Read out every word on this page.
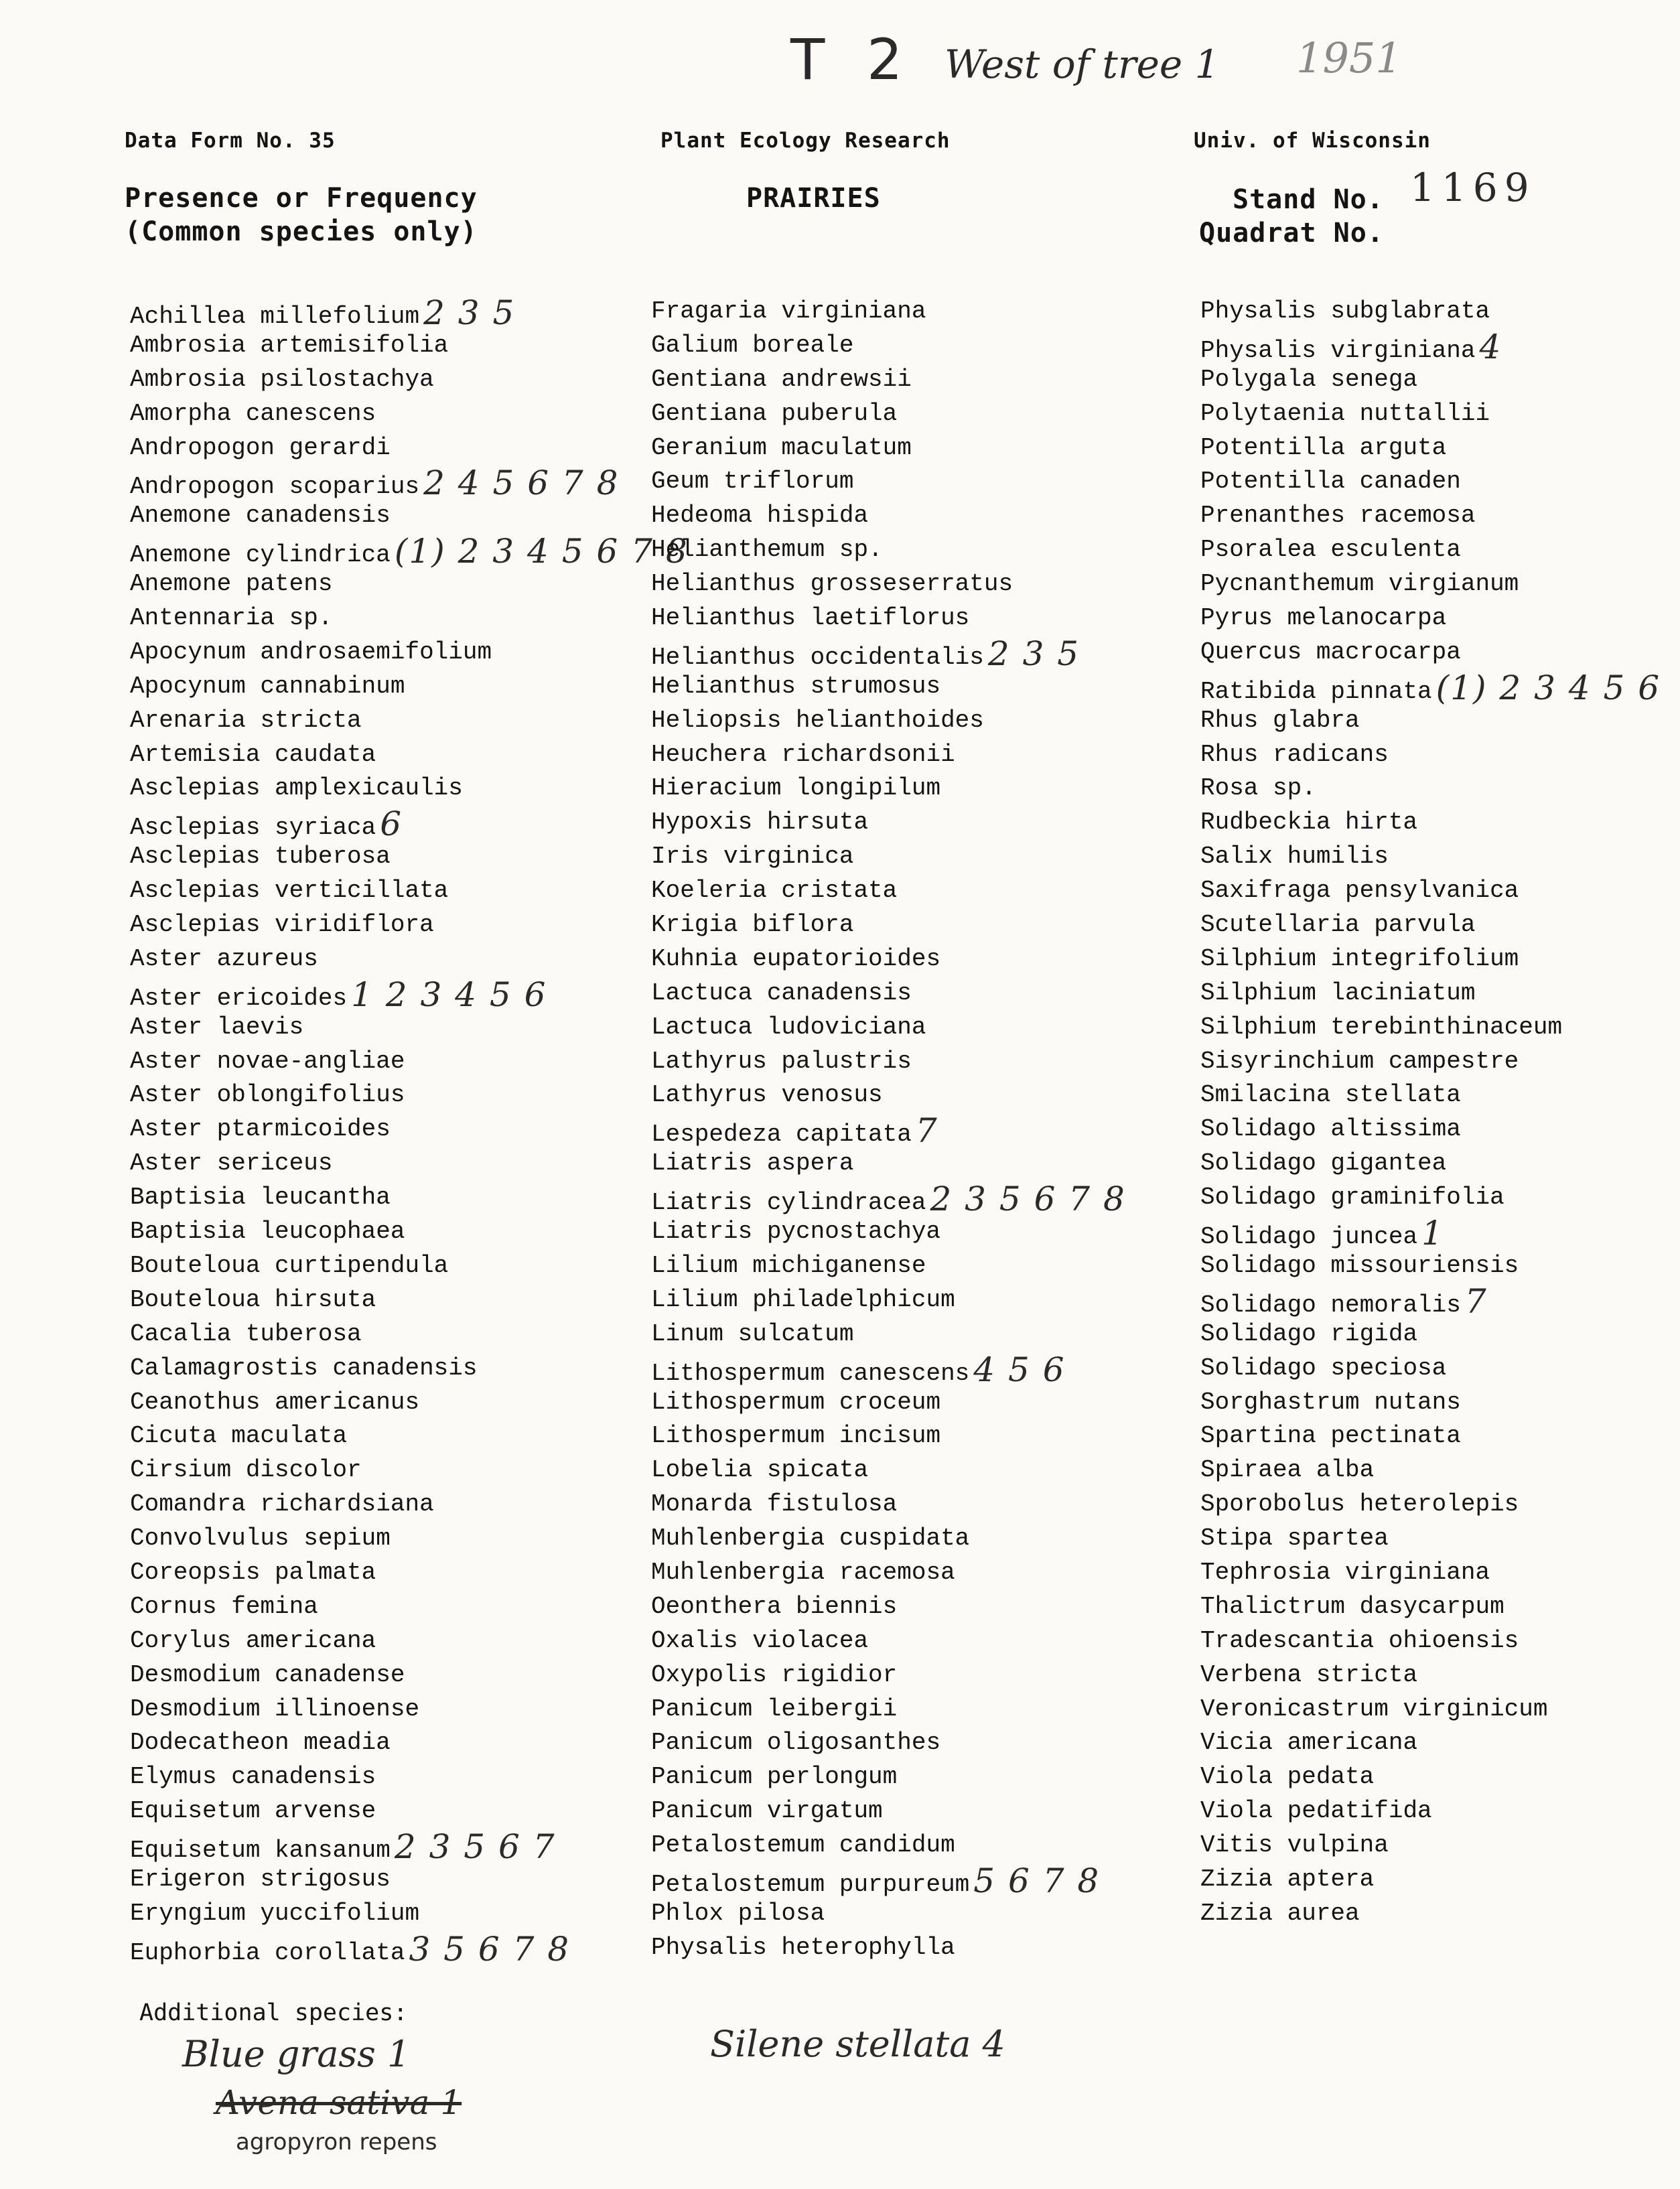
T 2 West of tree 1 1951
Data Form No. 35	Plant Ecology Research	Univ. of Wisconsin
Presence or Frequency
(Common species only)
PRAIRIES	Stand No. 1169
Quadrat No.
Achillea millefolium 2 3 5
Ambrosia artemisifolia
Ambrosia psilostachya
Amorpha canescens
Andropogon gerardi
Andropogon scoparius 2 4 5 6 7 8
Anemone canadensis
Anemone cylindrica (1) 2 3 4 5 6 7 8
Anemone patens
Antennaria sp.
Apocynum androsaemifolium
Apocynum cannabinum
Arenaria stricta
Artemisia caudata
Asclepias amplexicaulis
Asclepias syriaca 6
Asclepias tuberosa
Asclepias verticillata
Asclepias viridiflora
Aster azureus
Aster ericoides 1 2 3 4 5 6
Aster laevis
Aster novae-angliae
Aster oblongifolius
Aster ptarmicoides
Aster sericeus
Baptisia leucantha
Baptisia leucophaea
Bouteloua curtipendula
Bouteloua hirsuta
Cacalia tuberosa
Calamagrostis canadensis
Ceanothus americanus
Cicuta maculata
Cirsium discolor
Comandra richardsiana
Convolvulus sepium
Coreopsis palmata
Cornus femina
Corylus americana
Desmodium canadense
Desmodium illinoense
Dodecatheon meadia
Elymus canadensis
Equisetum arvense
Equisetum kansanum 2 3 5 6 7
Erigeron strigosus
Eryngium yuccifolium
Euphorbia corollata 3 5 6 7 8
Fragaria virginiana
Galium boreale
Gentiana andrewsii
Gentiana puberula
Geranium maculatum
Geum triflorum
Hedeoma hispida
Helianthemum sp.
Helianthus grosseserratus
Helianthus laetiflorus
Helianthus occidentalis 2 3 5
Helianthus strumosus
Heliopsis helianthoides
Heuchera richardsonii
Hieracium longipilum
Hypoxis hirsuta
Iris virginica
Koeleria cristata
Krigia biflora
Kuhnia eupatorioides
Lactuca canadensis
Lactuca ludoviciana
Lathyrus palustris
Lathyrus venosus
Lespedeza capitata 7
Liatris aspera
Liatris cylindracea 2 3 5 6 7 8
Liatris pycnostachya
Lilium michiganense
Lilium philadelphicum
Linum sulcatum
Lithospermum canescens 4 5 6
Lithospermum croceum
Lithospermum incisum
Lobelia spicata
Monarda fistulosa
Muhlenbergia cuspidata
Muhlenbergia racemosa
Oeonthera biennis
Oxalis violacea
Oxypolis rigidior
Panicum leibergii
Panicum oligosanthes
Panicum perlongum
Panicum virgatum
Petalostemum candidum
Petalostemum purpureum 5 6 7 8
Phlox pilosa
Physalis heterophylla
Physalis subglabrata
Physalis virginiana 4
Polygala senega
Polytaenia nuttallii
Potentilla arguta
Potentilla canaden
Prenanthes racemosa
Psoralea esculenta
Pycnanthemum virgianum
Pyrus melanocarpa
Quercus macrocarpa
Ratibida pinnata (1) 2 3 4 5 6
Rhus glabra
Rhus radicans
Rosa sp.
Rudbeckia hirta
Salix humilis
Saxifraga pensylvanica
Scutellaria parvula
Silphium integrifolium
Silphium laciniatum
Silphium terebinthinaceum
Sisyrinchium campestre
Smilacina stellata
Solidago altissima
Solidago gigantea
Solidago graminifolia
Solidago juncea 1
Solidago missouriensis
Solidago nemoralis 7
Solidago rigida
Solidago speciosa
Sorghastrum nutans
Spartina pectinata
Spiraea alba
Sporobolus heterolepis
Stipa spartea
Tephrosia virginiana
Thalictrum dasycarpum
Tradescantia ohioensis
Verbena stricta
Veronicastrum virginicum
Vicia americana
Viola pedata
Viola pedatifida
Vitis vulpina
Zizia aptera
Zizia aurea
Additional species:
Blue grass 1	Silene stellata 4
Avena sativa 1
agropyron repens
